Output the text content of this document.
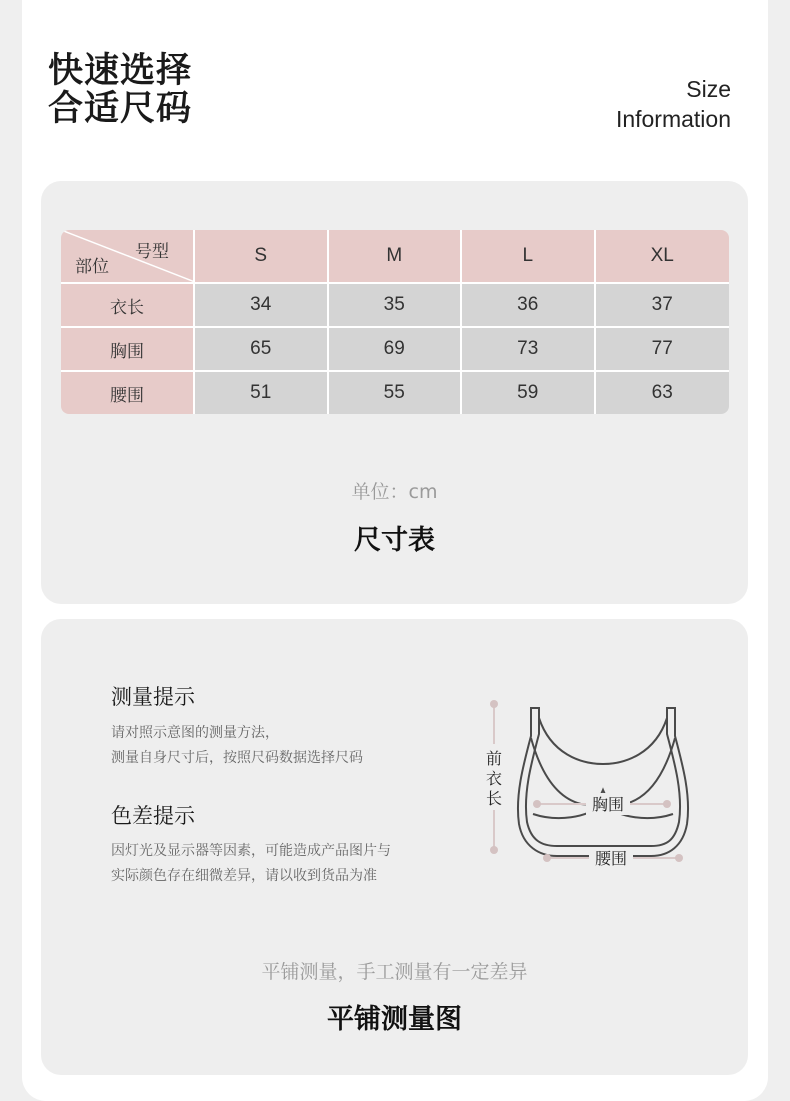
快速选择
合适尺码	Size
Information
号型
部位	S	M	L	XL
衣长	34	35	36	37
胸围	65	69	73	77
腰围	51	55	59	63
单位：cm
尺寸表
测量提示
请对照示意图的测量方法，
测量自身尺寸后，按照尺码数据选择尺码
色差提示
因灯光及显示器等因素，可能造成产品图片与
实际颜色存在细微差异，请以收到货品为准
前
衣
长	胸围
腰围
平铺测量，手工测量有一定差异
平铺测量图
